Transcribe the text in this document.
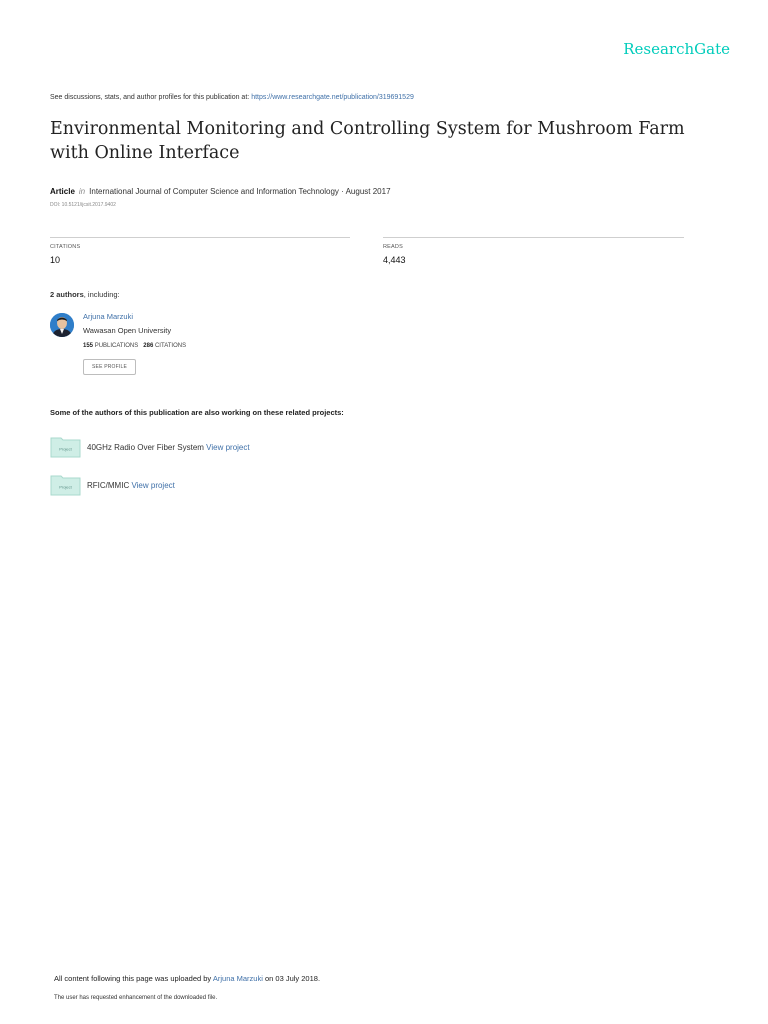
ResearchGate
See discussions, stats, and author profiles for this publication at: https://www.researchgate.net/publication/319691529
Environmental Monitoring and Controlling System for Mushroom Farm with Online Interface
Article in International Journal of Computer Science and Information Technology · August 2017
DOI: 10.5121/ijcsit.2017.9402
CITATIONS
10
READS
4,443
2 authors, including:
Arjuna Marzuki
Wawasan Open University
155 PUBLICATIONS 286 CITATIONS
SEE PROFILE
Some of the authors of this publication are also working on these related projects:
Project 40GHz Radio Over Fiber System View project
Project RFIC/MMIC View project
All content following this page was uploaded by Arjuna Marzuki on 03 July 2018.
The user has requested enhancement of the downloaded file.
